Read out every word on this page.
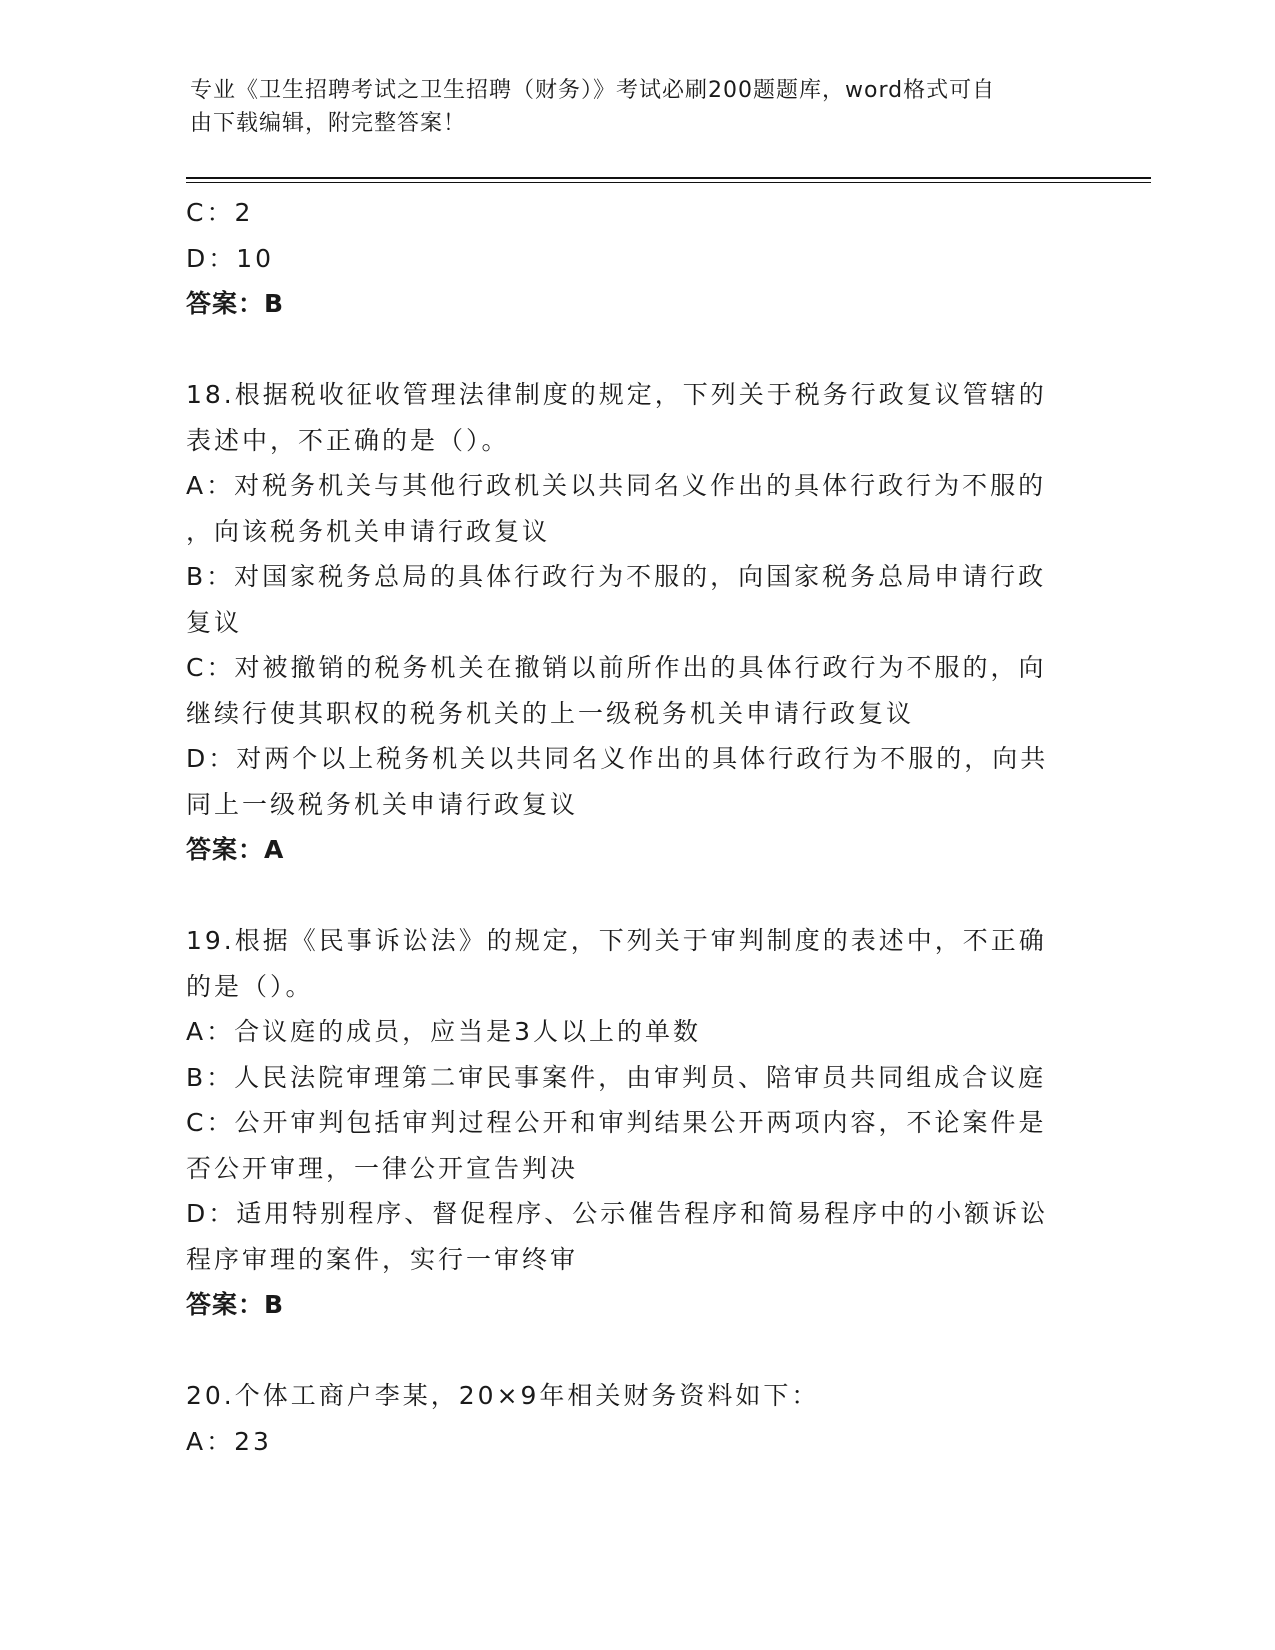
专业《卫生招聘考试之卫生招聘（财务）》考试必刷200题题库，word格式可自
由下载编辑，附完整答案！
C：2
D：10
答案：B
18.根据税收征收管理法律制度的规定，下列关于税务行政复议管辖的
表述中，不正确的是（）。
A：对税务机关与其他行政机关以共同名义作出的具体行政行为不服的
，向该税务机关申请行政复议
B：对国家税务总局的具体行政行为不服的，向国家税务总局申请行政
复议
C：对被撤销的税务机关在撤销以前所作出的具体行政行为不服的，向
继续行使其职权的税务机关的上一级税务机关申请行政复议
D：对两个以上税务机关以共同名义作出的具体行政行为不服的，向共
同上一级税务机关申请行政复议
答案：A
19.根据《民事诉讼法》的规定，下列关于审判制度的表述中，不正确
的是（）。
A：合议庭的成员，应当是3人以上的单数
B：人民法院审理第二审民事案件，由审判员、陪审员共同组成合议庭
C：公开审判包括审判过程公开和审判结果公开两项内容，不论案件是
否公开审理，一律公开宣告判决
D：适用特别程序、督促程序、公示催告程序和简易程序中的小额诉讼
程序审理的案件，实行一审终审
答案：B
20.个体工商户李某，20×9年相关财务资料如下：
A：23
